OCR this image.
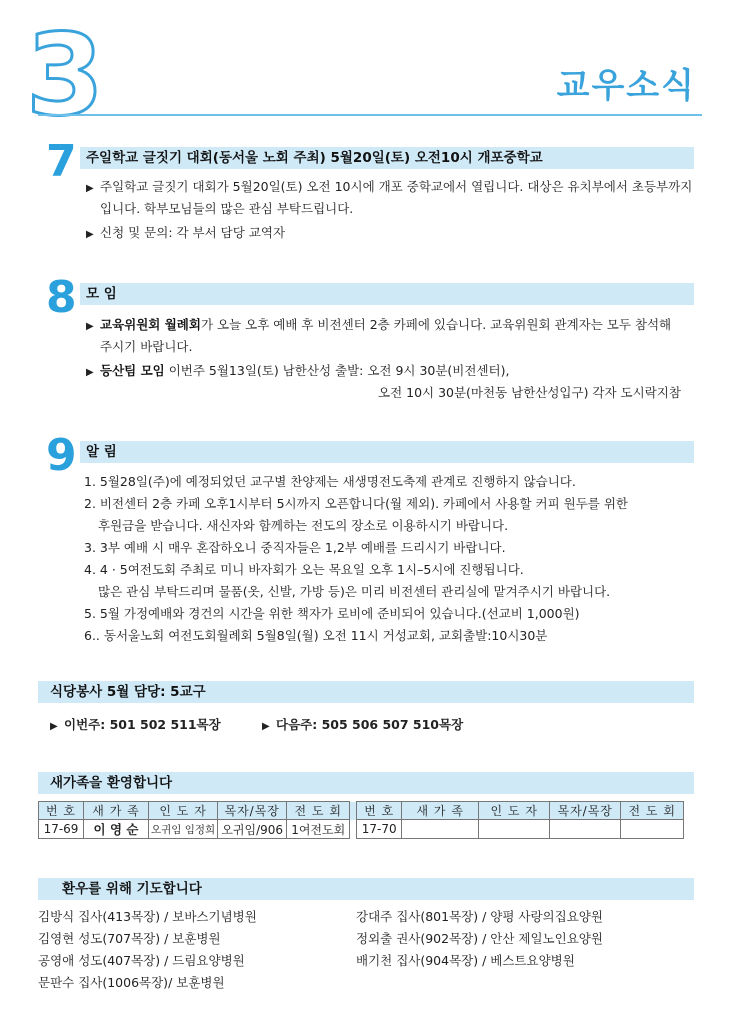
3	교우소식
7 주일학교 글짓기 대회(동서울 노회 주최) 5월20일(토) 오전10시 개포중학교
▶ 주일학교 글짓기 대회가 5월20일(토) 오전 10시에 개포 중학교에서 열립니다. 대상은 유치부에서 초등부까지
입니다. 학부모님들의 많은 관심 부탁드립니다.
▶ 신청 및 문의: 각 부서 담당 교역자
8 모 임
▶ 교육위원회 월례회가 오늘 오후 예배 후 비전센터 2층 카페에 있습니다. 교육위원회 관계자는 모두 참석해
주시기 바랍니다.
▶ 등산팀 모임 이번주 5월13일(토) 남한산성 출발: 오전 9시 30분(비전센터),
오전 10시 30분(마천동 남한산성입구) 각자 도시락지참
9 알 림
1. 5월28일(주)에 예정되었던 교구별 찬양제는 새생명전도축제 관계로 진행하지 않습니다.
2. 비전센터 2층 카페 오후1시부터 5시까지 오픈합니다(월 제외). 카페에서 사용할 커피 원두를 위한
후원금을 받습니다. 새신자와 함께하는 전도의 장소로 이용하시기 바랍니다.
3. 3부 예배 시 매우 혼잡하오니 중직자들은 1,2부 예배를 드리시기 바랍니다.
4. 4 · 5여전도회 주최로 미니 바자회가 오는 목요일 오후 1시–5시에 진행됩니다.
많은 관심 부탁드리며 물품(옷, 신발, 가방 등)은 미리 비전센터 관리실에 맡겨주시기 바랍니다.
5. 5월 가정예배와 경건의 시간을 위한 책자가 로비에 준비되어 있습니다.(선교비 1,000원)
6.. 동서울노회 여전도회월례회 5월8일(월) 오전 11시 거성교회, 교회출발:10시30분
식당봉사 5월 담당: 5교구
▶ 이번주: 501 502 511목장	▶ 다음주: 505 506 507 510목장
새가족을 환영합니다
번 호	새 가 족	인 도 자	목자/목장	전 도 회		번 호	새 가 족	인 도 자	목자/목장	전 도 회
17-69	이 영 순	오귀임 임정희	오귀임/906	1여전도회		17-70				
환우를 위해 기도합니다
김방식 집사(413목장) / 보바스기념병원
김영현 성도(707목장) / 보훈병원
공영애 성도(407목장) / 드림요양병원
문판수 집사(1006목장)/ 보훈병원
강대주 집사(801목장) / 양평 사랑의집요양원
정외출 권사(902목장) / 안산 제일노인요양원
배기천 집사(904목장) / 베스트요양병원
